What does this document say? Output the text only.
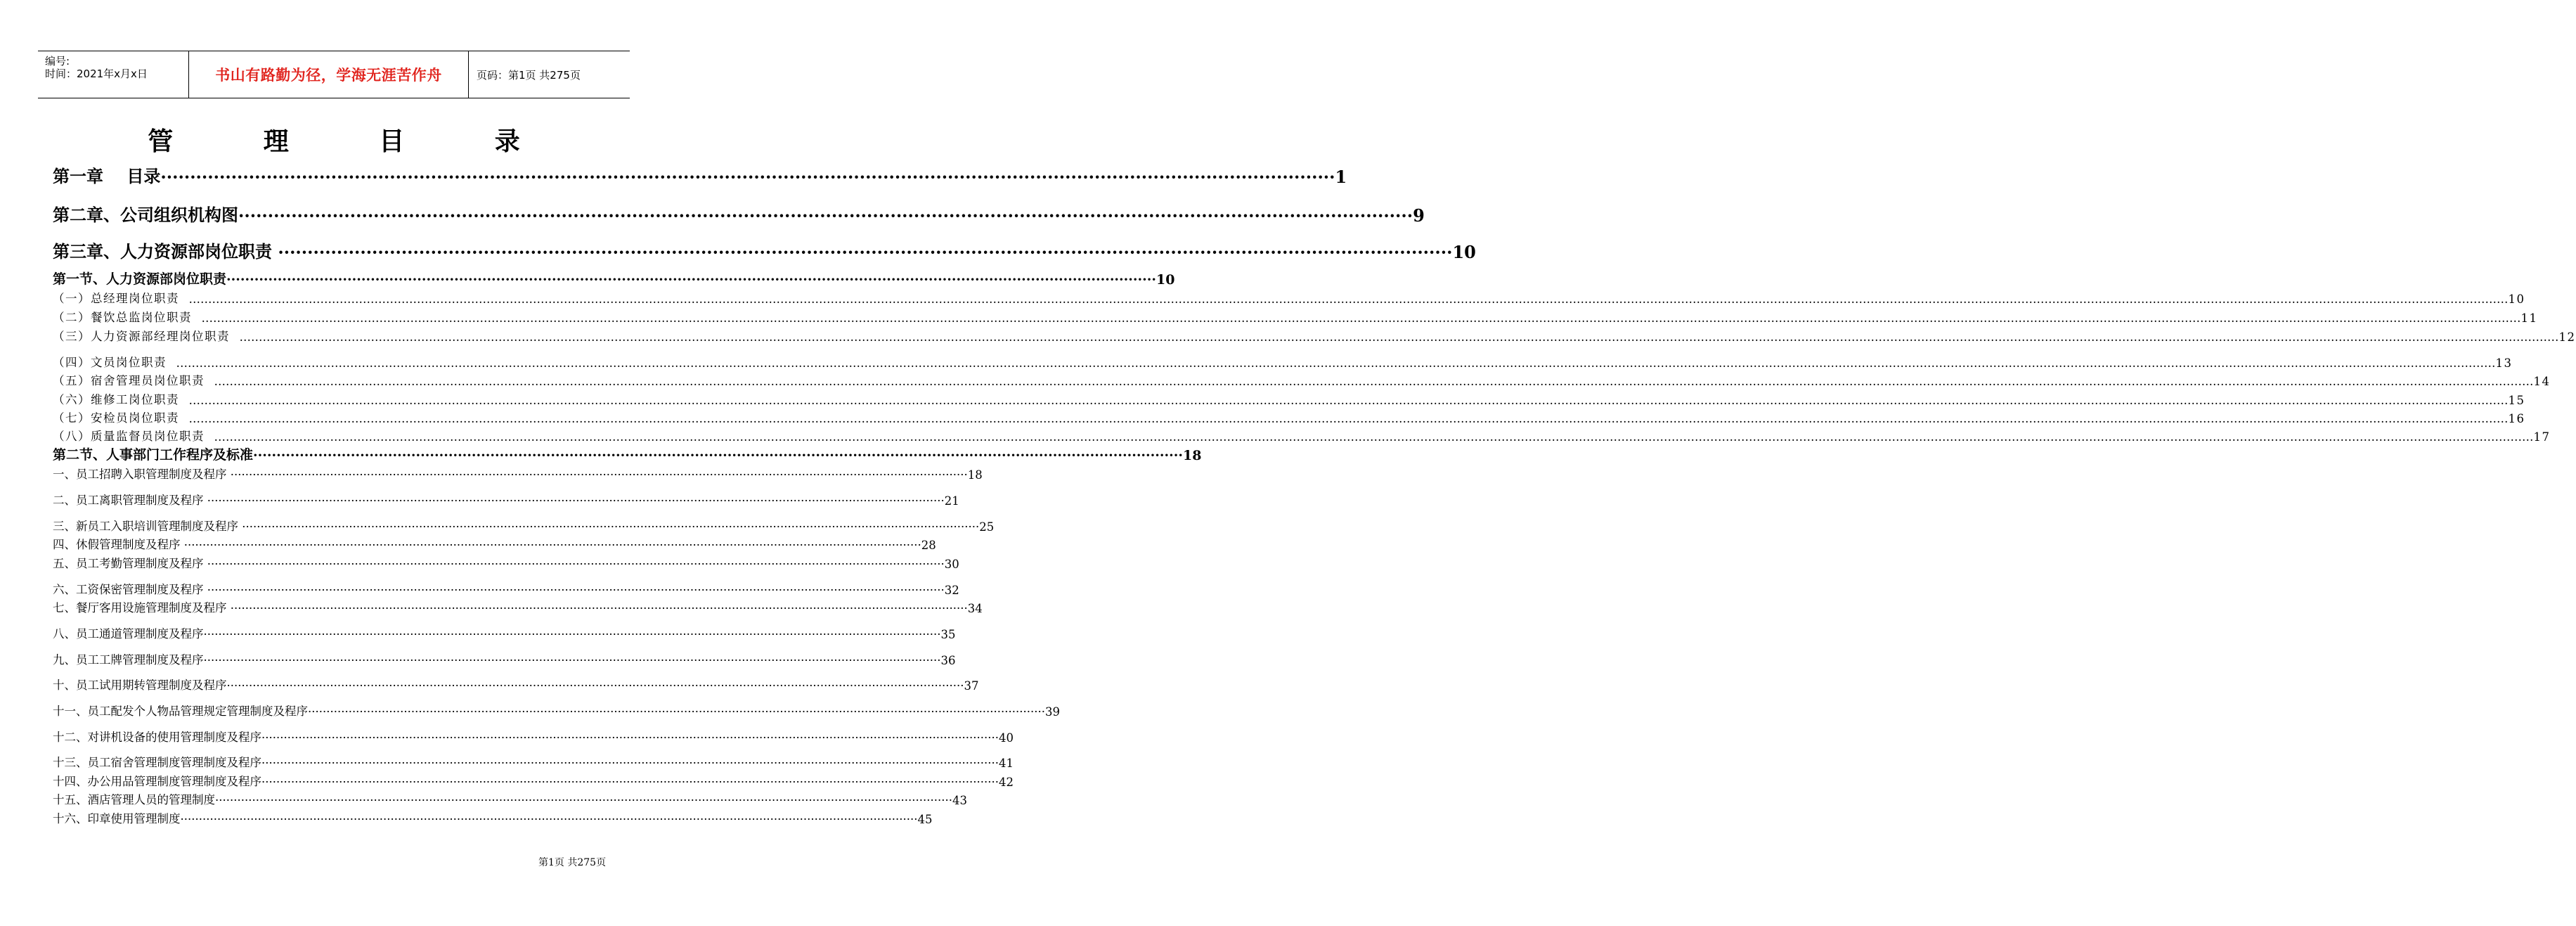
编号:
时间：2021年x月x日	书山有路勤为径，学海无涯苦作舟	页码：第1页 共275页
管 理 目 录
第一章    目录 ········································································································································································································ 1
第二章、公司组织机构图 ········································································································································································································ 9
第三章、人力资源部岗位职责 ········································································································································································································ 10
第一节、人力资源部岗位职责 ········································································································································································································ 10
（一）总经理岗位职责 …………………………………………………………………………………………………………………………………………………………………………………………………………………………………………………………………………………………………………………………………………………………………………………………………………………………………………………………………………………………………………………………………………………… 10
（二）餐饮总监岗位职责 …………………………………………………………………………………………………………………………………………………………………………………………………………………………………………………………………………………………………………………………………………………………………………………………………………………………………………………………………………………………………………………………………………………… 11
（三）人力资源部经理岗位职责 …………………………………………………………………………………………………………………………………………………………………………………………………………………………………………………………………………………………………………………………………………………………………………………………………………………………………………………………………………………………………………………………………………………… 12
（四）文员岗位职责 …………………………………………………………………………………………………………………………………………………………………………………………………………………………………………………………………………………………………………………………………………………………………………………………………………………………………………………………………………………………………………………………………………………… 13
（五）宿舍管理员岗位职责 …………………………………………………………………………………………………………………………………………………………………………………………………………………………………………………………………………………………………………………………………………………………………………………………………………………………………………………………………………………………………………………………………………………… 14
（六）维修工岗位职责 …………………………………………………………………………………………………………………………………………………………………………………………………………………………………………………………………………………………………………………………………………………………………………………………………………………………………………………………………………………………………………………………………………………… 15
（七）安检员岗位职责 …………………………………………………………………………………………………………………………………………………………………………………………………………………………………………………………………………………………………………………………………………………………………………………………………………………………………………………………………………………………………………………………………………………… 16
（八）质量监督员岗位职责 …………………………………………………………………………………………………………………………………………………………………………………………………………………………………………………………………………………………………………………………………………………………………………………………………………………………………………………………………………………………………………………………………………………… 17
第二节、人事部门工作程序及标准 ········································································································································································································ 18
一、员工招聘入职管理制度及程序 ········································································································································································································ 18
二、员工离职管理制度及程序 ········································································································································································································ 21
三、新员工入职培训管理制度及程序 ········································································································································································································ 25
四、休假管理制度及程序 ········································································································································································································ 28
五、员工考勤管理制度及程序 ········································································································································································································ 30
六、工资保密管理制度及程序 ········································································································································································································ 32
七、餐厅客用设施管理制度及程序 ········································································································································································································ 34
八、员工通道管理制度及程序 ········································································································································································································ 35
九、员工工牌管理制度及程序 ········································································································································································································ 36
十、员工试用期转管理制度及程序 ········································································································································································································ 37
十一、员工配发个人物品管理规定管理制度及程序 ········································································································································································································ 39
十二、对讲机设备的使用管理制度及程序 ········································································································································································································ 40
十三、员工宿舍管理制度管理制度及程序 ········································································································································································································ 41
十四、办公用品管理制度管理制度及程序 ········································································································································································································ 42
十五、酒店管理人员的管理制度 ········································································································································································································ 43
十六、印章使用管理制度 ········································································································································································································ 45
第1页 共275页
